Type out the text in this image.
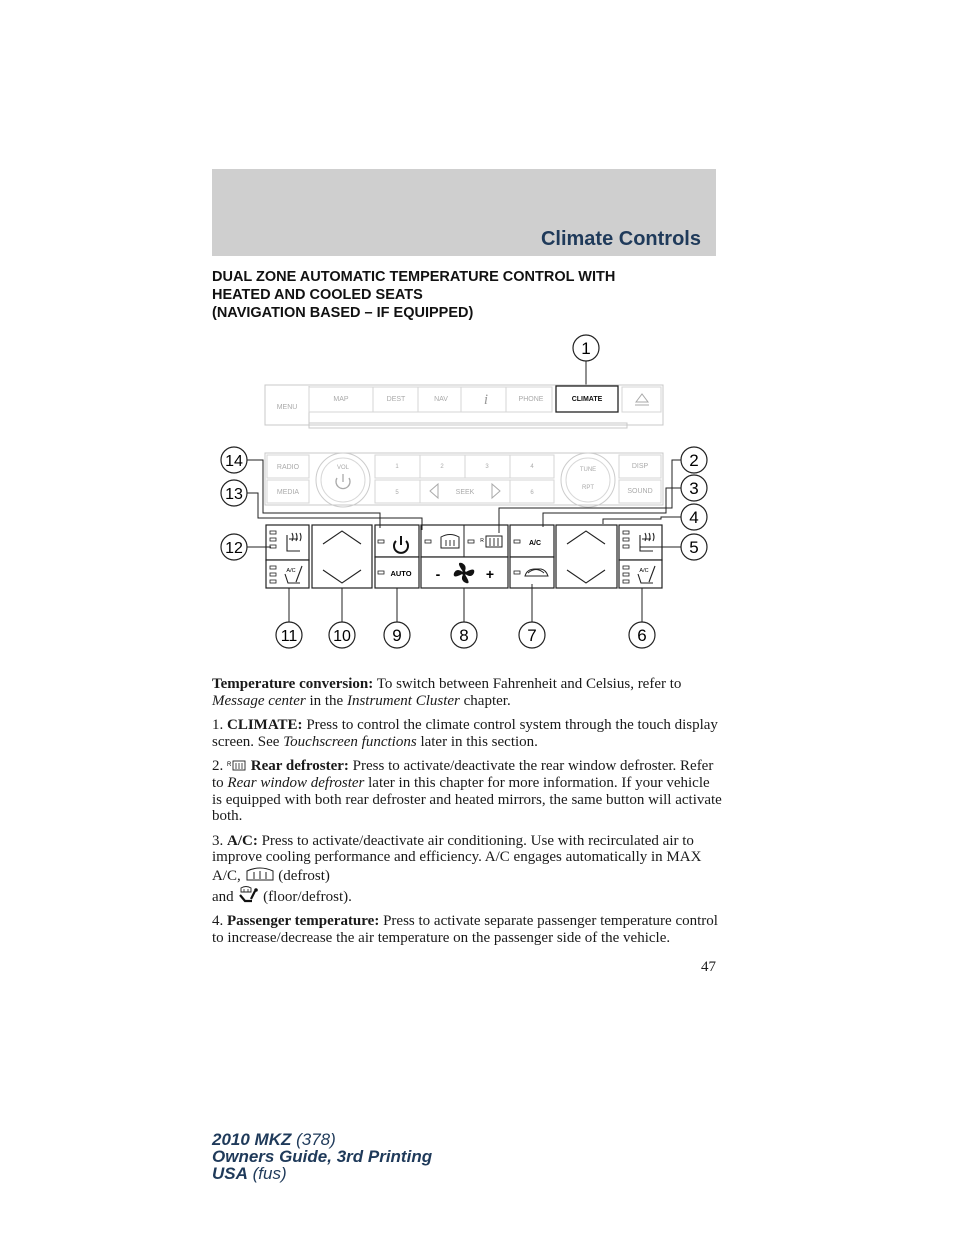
Climate Controls
DUAL ZONE AUTOMATIC TEMPERATURE CONTROL WITH
HEATED AND COOLED SEATS
(NAVIGATION BASED – IF EQUIPPED)
1
MENU
MAP	DEST	NAV i	PHONE	CLIMATE
RADIO
MEDIA
VOL	1	2	3	4
5	6
SEEK
TUNE
RPT
DISP
SOUND
A/C	AUTO
R
-	+
A/C
A/C
2
3
4
5
6
7
8
9
10
11
12
13
14

Temperature conversion: To switch between Fahrenheit and Celsius, refer to Message center in the Instrument Cluster chapter.

1. CLIMATE: Press to control the climate control system through the touch display screen. See Touchscreen functions later in this section.

2. R Rear defroster: Press to activate/deactivate the rear window defroster. Refer to Rear window defroster later in this chapter for more information. If your vehicle is equipped with both rear defroster and heated mirrors, the same button will activate both.

3. A/C: Press to activate/deactivate air conditioning. Use with recirculated air to improve cooling performance and efficiency. A/C engages automatically in MAX A/C,  (defrost)
and  (floor/defrost).

4. Passenger temperature: Press to activate separate passenger temperature control to increase/decrease the air temperature on the passenger side of the vehicle.

47
2010 MKZ (378)
Owners Guide, 3rd Printing
USA (fus)
